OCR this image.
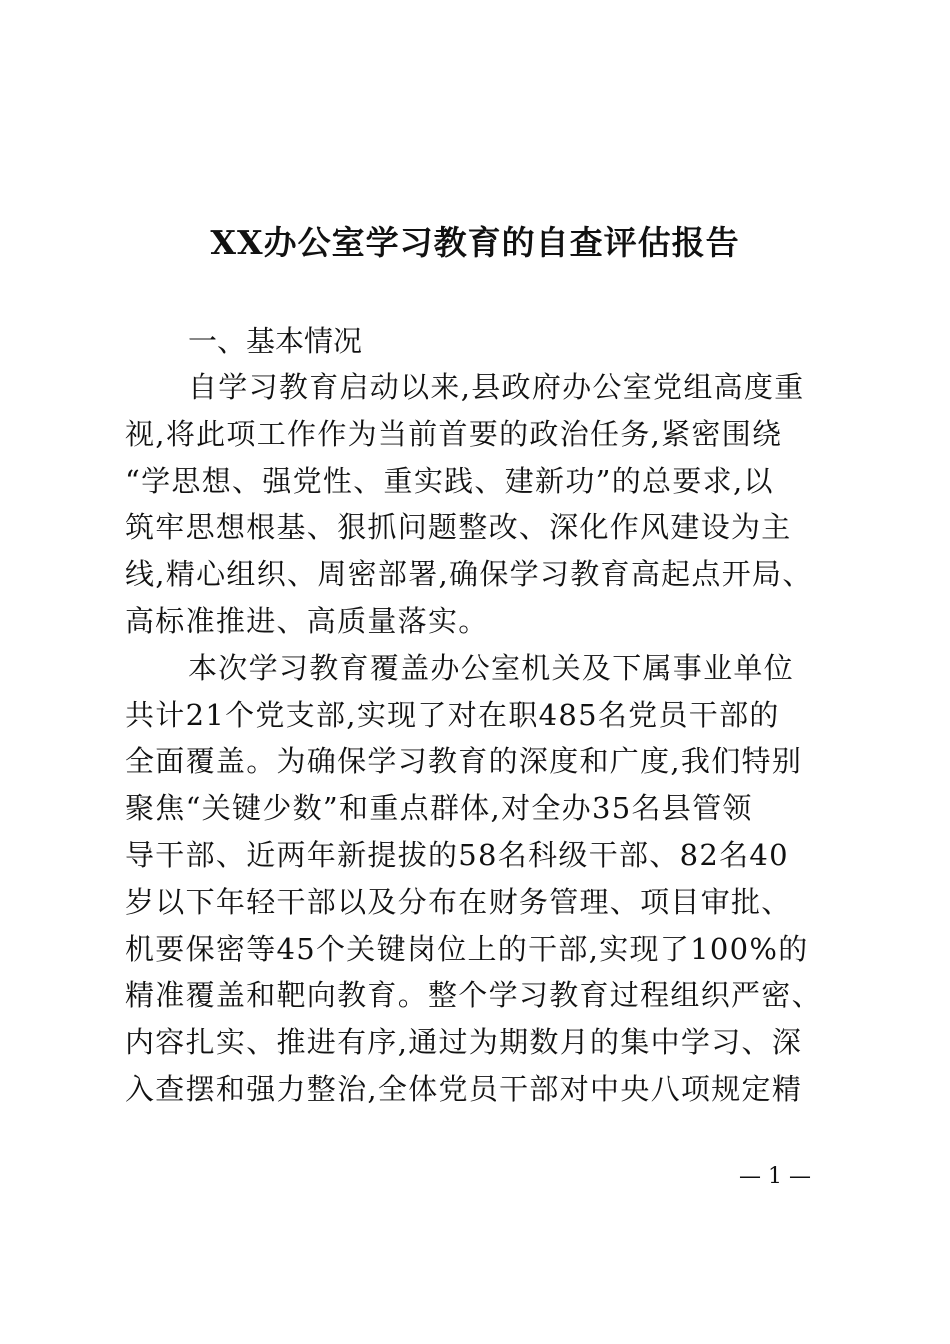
XX办公室学习教育的自查评估报告
一、基本情况
自学习教育启动以来,县政府办公室党组高度重
视,将此项工作作为当前首要的政治任务,紧密围绕
“学思想、强党性、重实践、建新功”的总要求,以
筑牢思想根基、狠抓问题整改、深化作风建设为主
线,精心组织、周密部署,确保学习教育高起点开局、
高标准推进、高质量落实。
本次学习教育覆盖办公室机关及下属事业单位
共计21个党支部,实现了对在职485名党员干部的
全面覆盖。为确保学习教育的深度和广度,我们特别
聚焦“关键少数”和重点群体,对全办35名县管领
导干部、近两年新提拔的58名科级干部、82名40
岁以下年轻干部以及分布在财务管理、项目审批、
机要保密等45个关键岗位上的干部,实现了100%的
精准覆盖和靶向教育。整个学习教育过程组织严密、
内容扎实、推进有序,通过为期数月的集中学习、深
入查摆和强力整治,全体党员干部对中央八项规定精
— 1 —
